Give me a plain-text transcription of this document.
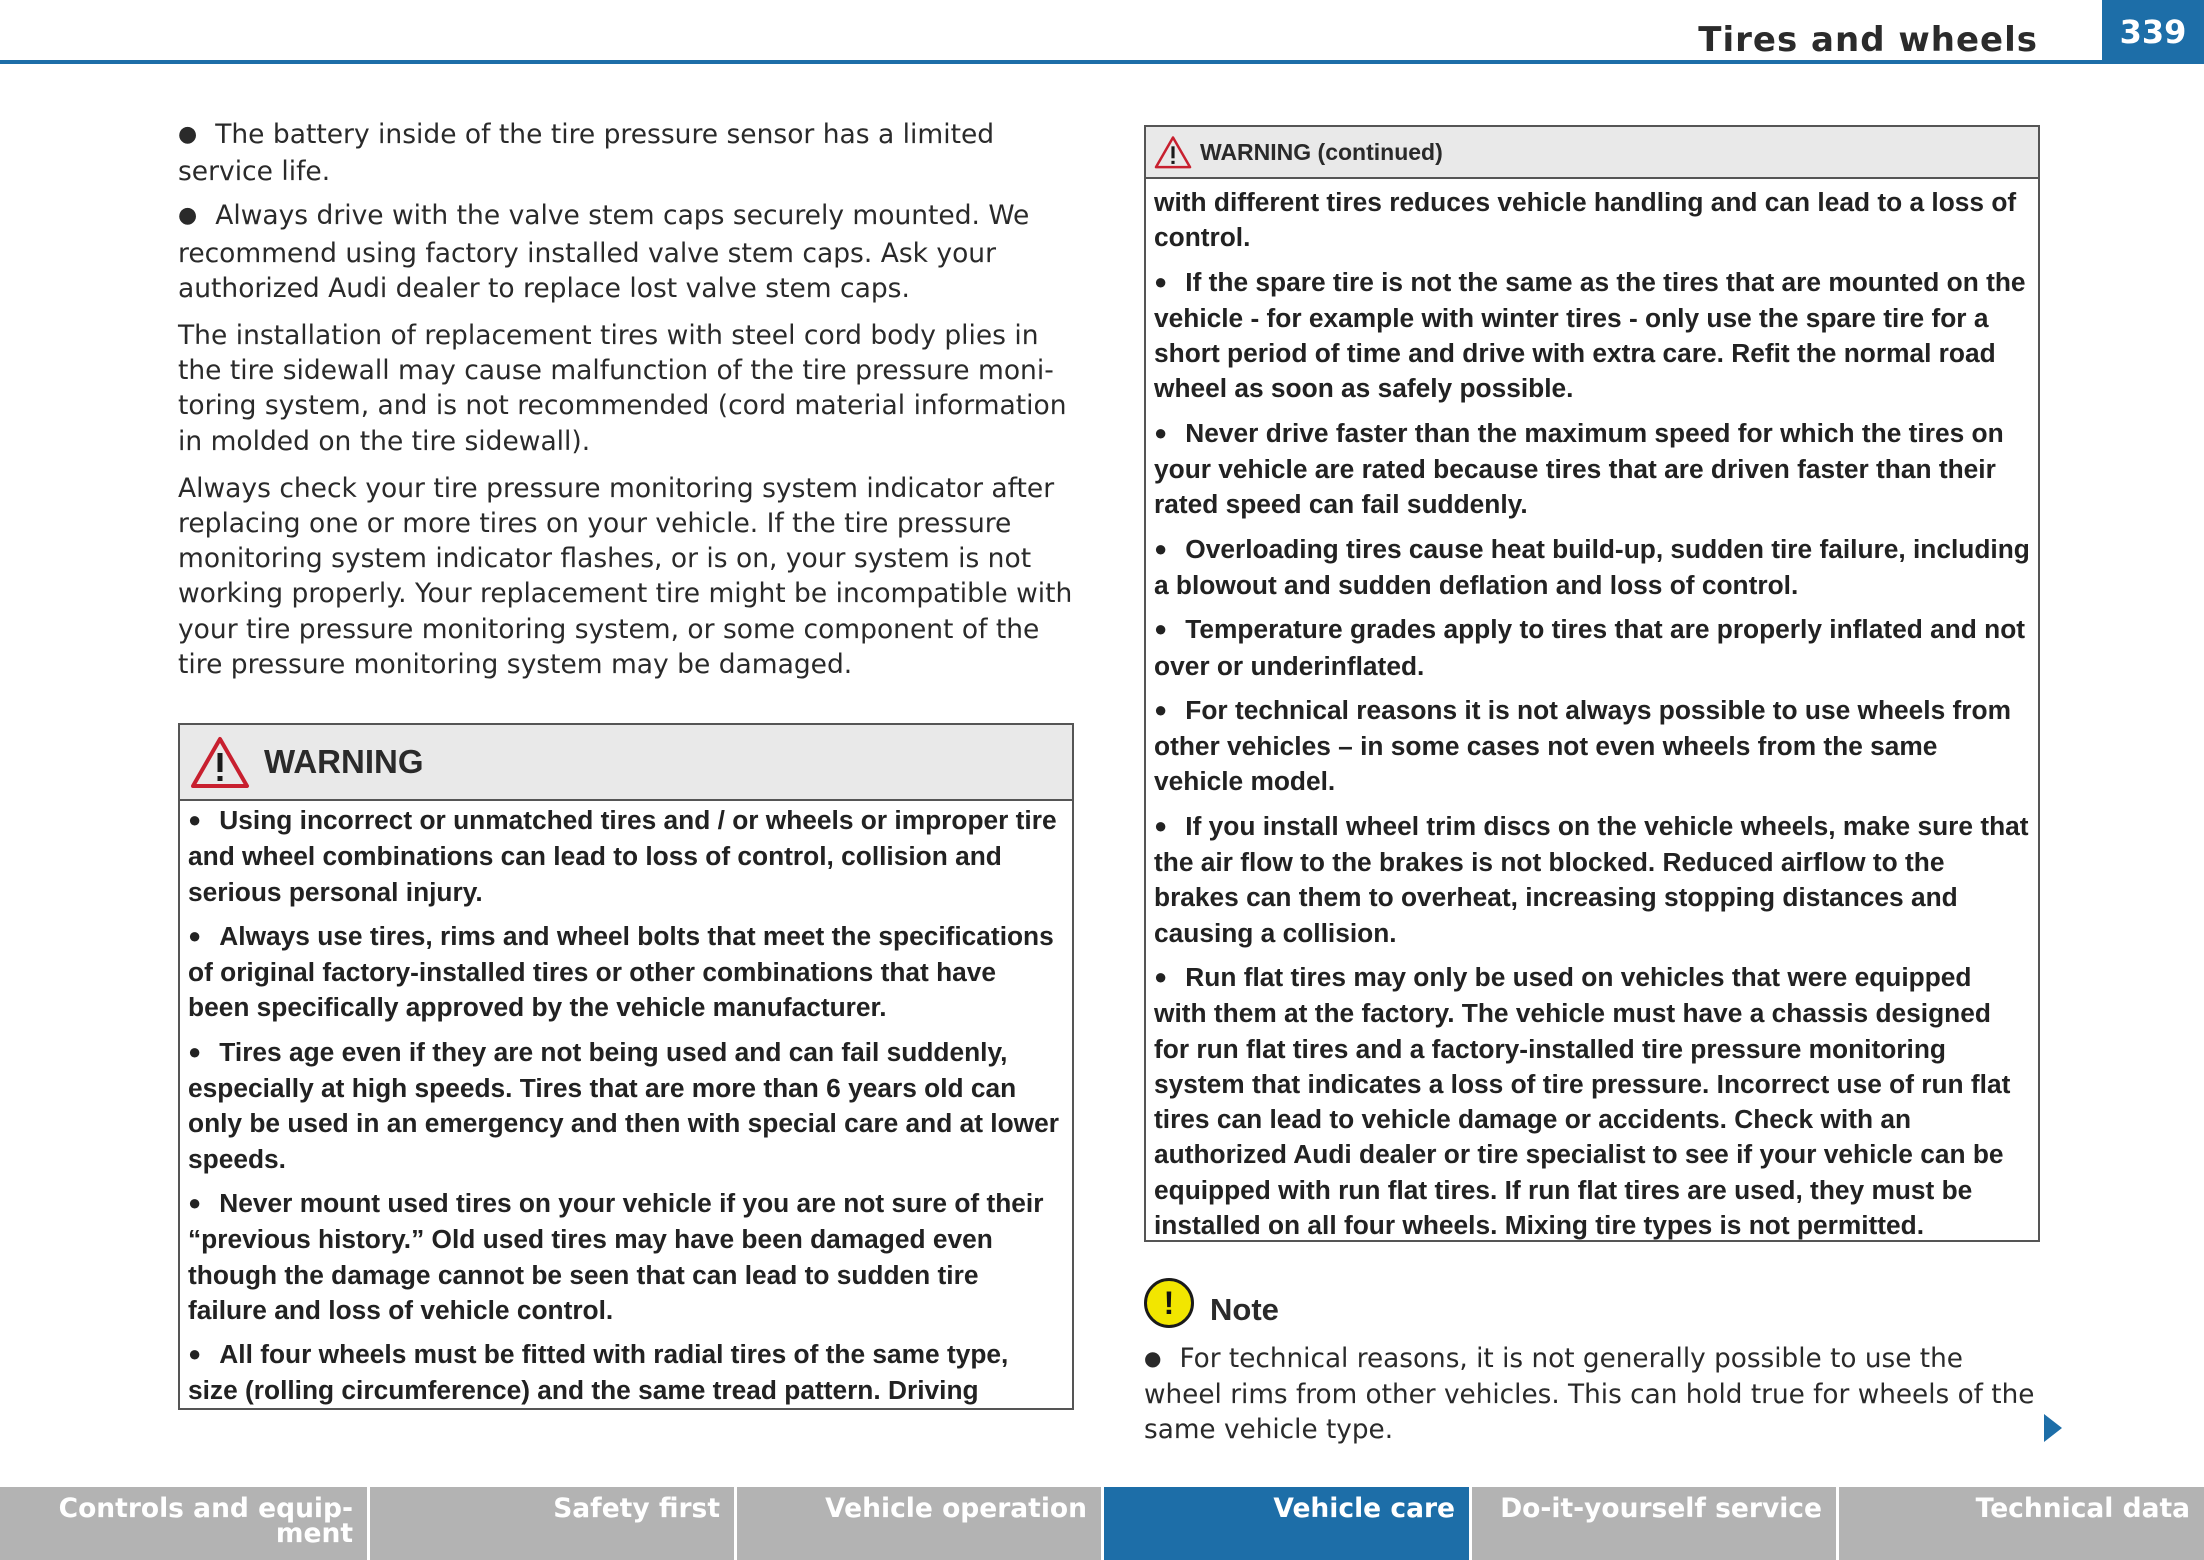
Tires and wheels	339

● The battery inside of the tire pressure sensor has a limited service life.

● Always drive with the valve stem caps securely mounted. We recommend using factory installed valve stem caps. Ask your authorized Audi dealer to replace lost valve stem caps.

The installation of replacement tires with steel cord body plies in the tire sidewall may cause malfunction of the tire pressure monitoring system, and is not recommended (cord material information in molded on the tire sidewall).

Always check your tire pressure monitoring system indicator after replacing one or more tires on your vehicle. If the tire pressure monitoring system indicator flashes, or is on, your system is not working properly. Your replacement tire might be incompatible with your tire pressure monitoring system, or some component of the tire pressure monitoring system may be damaged.

WARNING

● Using incorrect or unmatched tires and / or wheels or improper tire and wheel combinations can lead to loss of control, collision and serious personal injury.

● Always use tires, rims and wheel bolts that meet the specifications of original factory-installed tires or other combinations that have been specifically approved by the vehicle manufacturer.

● Tires age even if they are not being used and can fail suddenly, especially at high speeds. Tires that are more than 6 years old can only be used in an emergency and then with special care and at lower speeds.

● Never mount used tires on your vehicle if you are not sure of their “previous history.” Old used tires may have been damaged even though the damage cannot be seen that can lead to sudden tire failure and loss of vehicle control.

● All four wheels must be fitted with radial tires of the same type, size (rolling circumference) and the same tread pattern. Driving

WARNING (continued)

with different tires reduces vehicle handling and can lead to a loss of control.

● If the spare tire is not the same as the tires that are mounted on the vehicle - for example with winter tires - only use the spare tire for a short period of time and drive with extra care. Refit the normal road wheel as soon as safely possible.

● Never drive faster than the maximum speed for which the tires on your vehicle are rated because tires that are driven faster than their rated speed can fail suddenly.

● Overloading tires cause heat build-up, sudden tire failure, including a blowout and sudden deflation and loss of control.

● Temperature grades apply to tires that are properly inflated and not over or underinflated.

● For technical reasons it is not always possible to use wheels from other vehicles – in some cases not even wheels from the same vehicle model.

● If you install wheel trim discs on the vehicle wheels, make sure that the air flow to the brakes is not blocked. Reduced airflow to the brakes can them to overheat, increasing stopping distances and causing a collision.

● Run flat tires may only be used on vehicles that were equipped with them at the factory. The vehicle must have a chassis designed for run flat tires and a factory-installed tire pressure monitoring system that indicates a loss of tire pressure. Incorrect use of run flat tires can lead to vehicle damage or accidents. Check with an authorized Audi dealer or tire specialist to see if your vehicle can be equipped with run flat tires. If run flat tires are used, they must be installed on all four wheels. Mixing tire types is not permitted.

!	Note

● For technical reasons, it is not generally possible to use the wheel rims from other vehicles. This can hold true for wheels of the same vehicle type.

Controls and equip-
ment
Safety first	Vehicle operation	Vehicle care	Do-it-yourself service	Technical data
